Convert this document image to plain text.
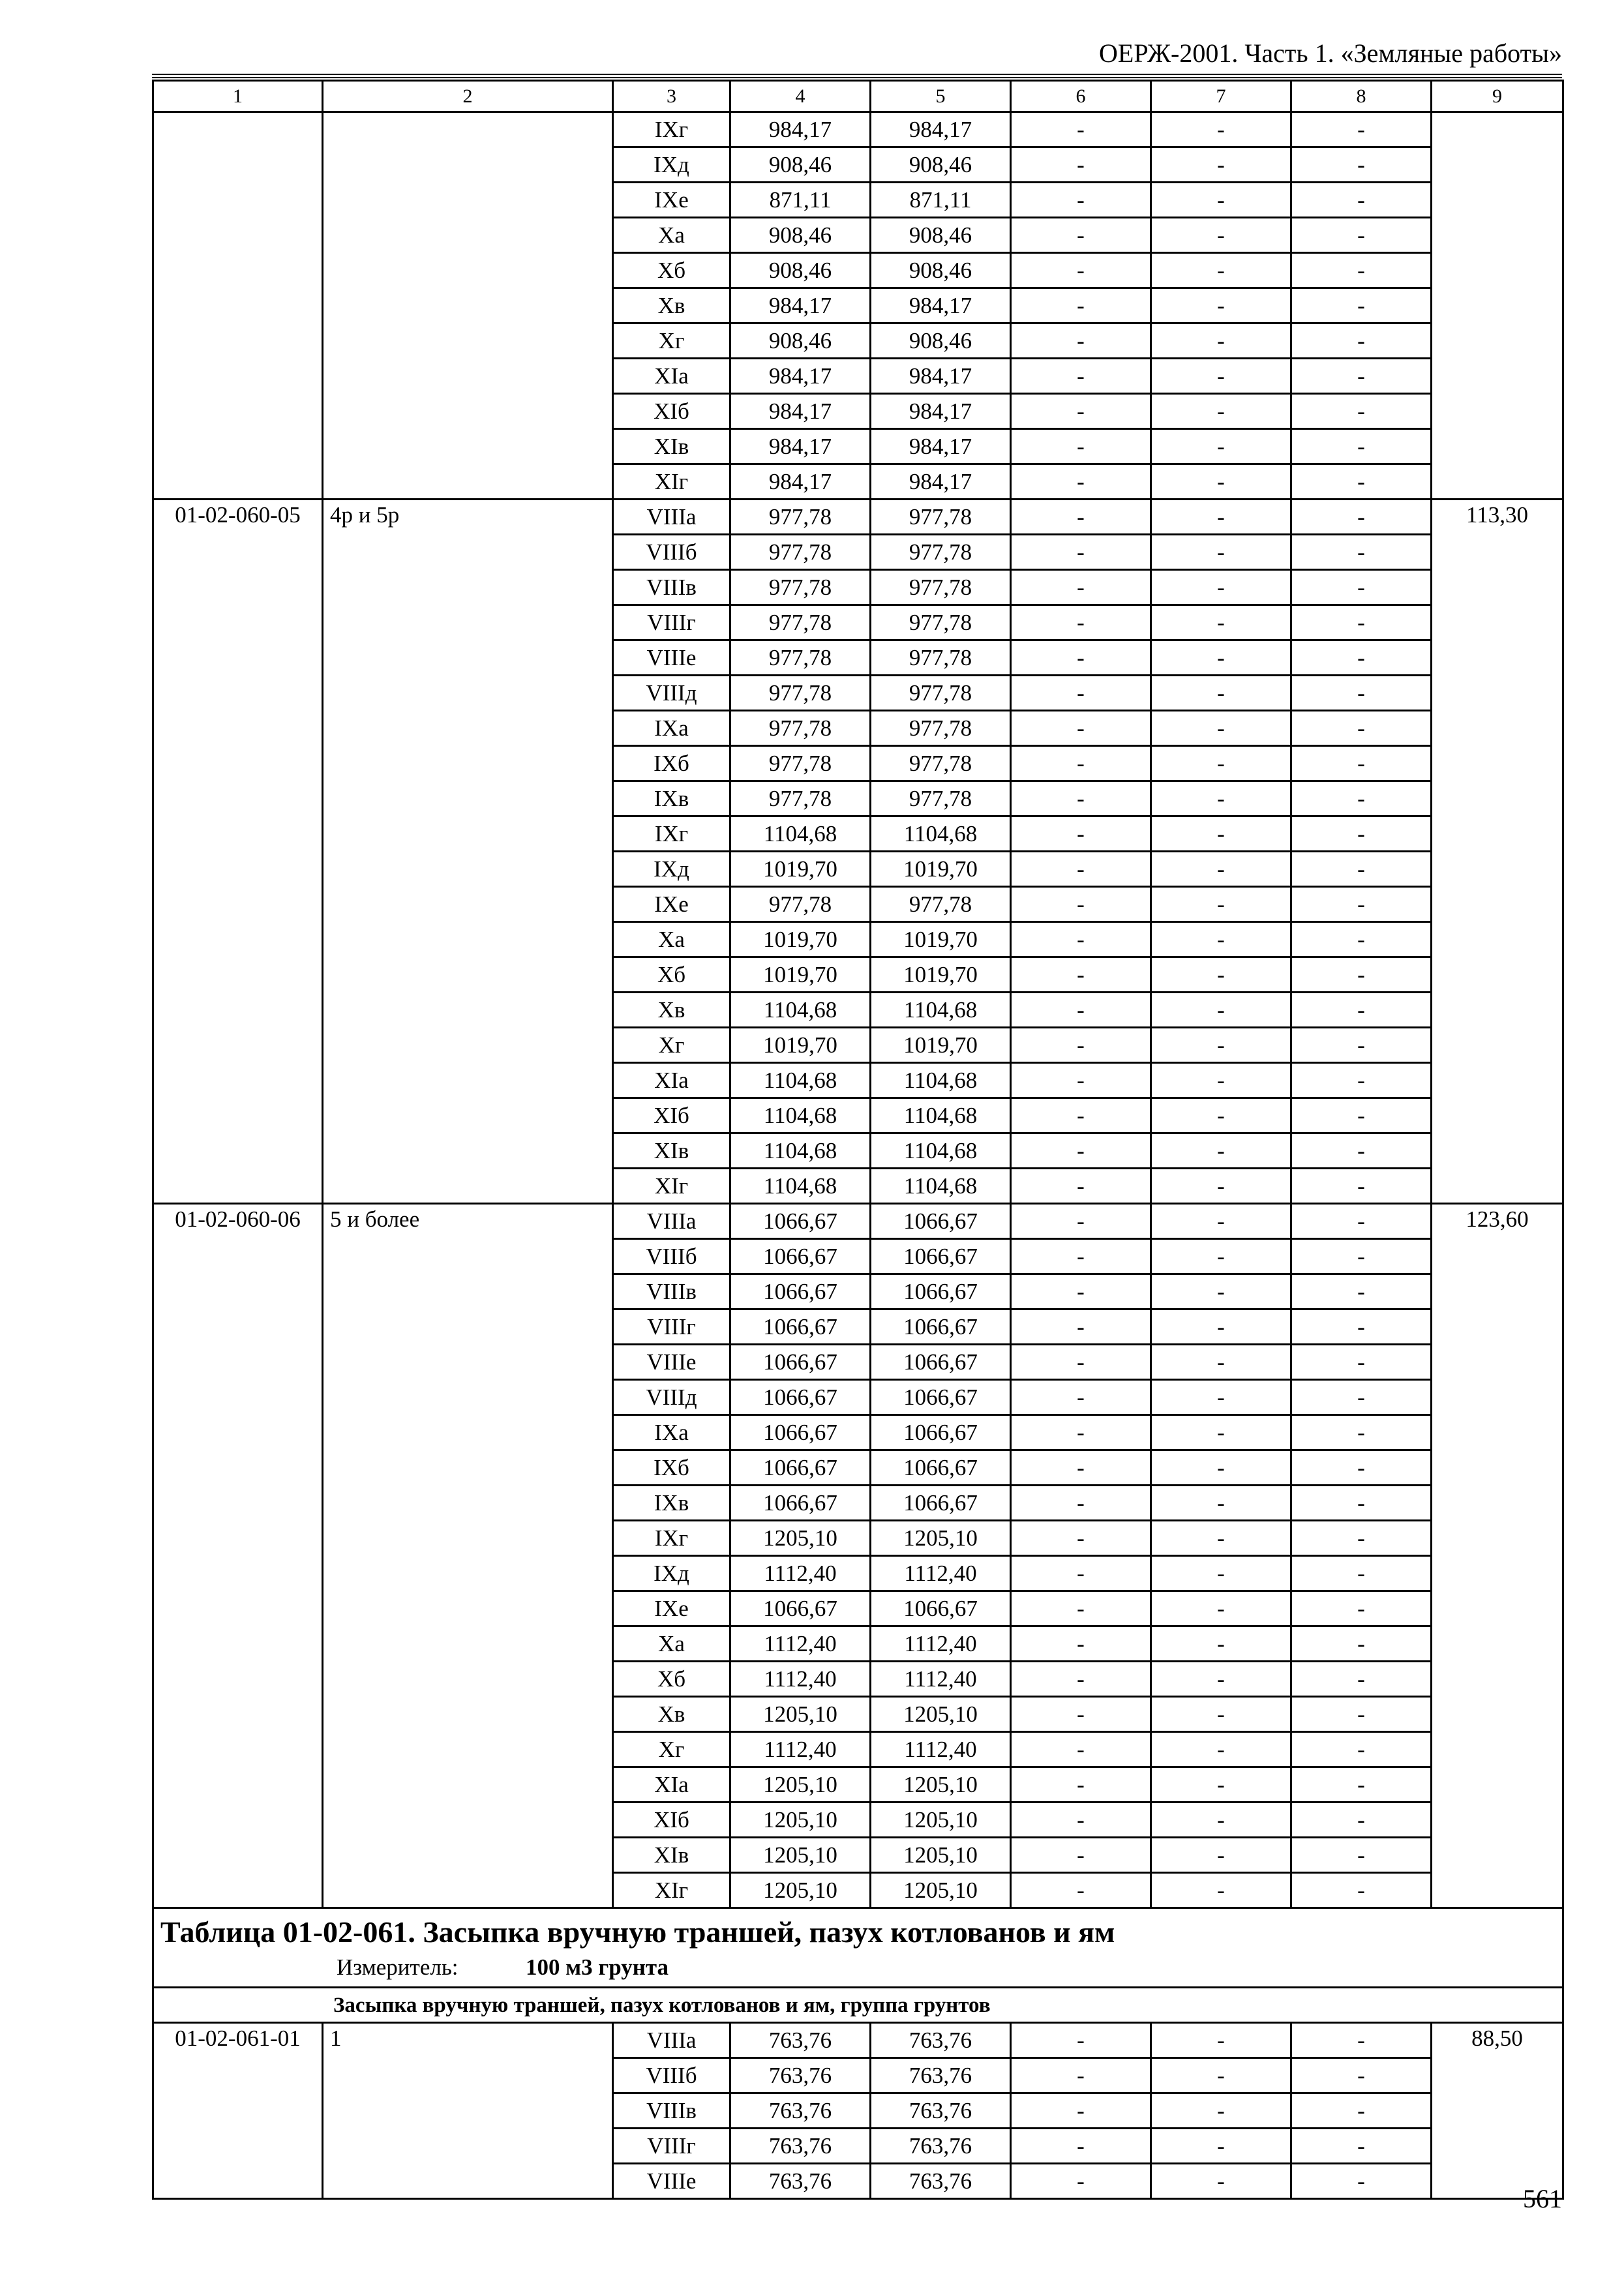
ОЕРЖ-2001. Часть 1. «Земляные работы»
1	2	3	4	5	6	7	8	9
		IXг	984,17	984,17	-	-	-	
		IXд	908,46	908,46	-	-	-	
		IXе	871,11	871,11	-	-	-	
		Xа	908,46	908,46	-	-	-	
		Xб	908,46	908,46	-	-	-	
		Xв	984,17	984,17	-	-	-	
		Xг	908,46	908,46	-	-	-	
		XIа	984,17	984,17	-	-	-	
		XIб	984,17	984,17	-	-	-	
		XIв	984,17	984,17	-	-	-	
		XIг	984,17	984,17	-	-	-	
01-02-060-05	4р и 5р	VIIIа	977,78	977,78	-	-	-	113,30
		VIIIб	977,78	977,78	-	-	-	
		VIIIв	977,78	977,78	-	-	-	
		VIIIг	977,78	977,78	-	-	-	
		VIIIе	977,78	977,78	-	-	-	
		VIIIд	977,78	977,78	-	-	-	
		IXа	977,78	977,78	-	-	-	
		IXб	977,78	977,78	-	-	-	
		IXв	977,78	977,78	-	-	-	
		IXг	1104,68	1104,68	-	-	-	
		IXд	1019,70	1019,70	-	-	-	
		IXе	977,78	977,78	-	-	-	
		Xа	1019,70	1019,70	-	-	-	
		Xб	1019,70	1019,70	-	-	-	
		Xв	1104,68	1104,68	-	-	-	
		Xг	1019,70	1019,70	-	-	-	
		XIа	1104,68	1104,68	-	-	-	
		XIб	1104,68	1104,68	-	-	-	
		XIв	1104,68	1104,68	-	-	-	
		XIг	1104,68	1104,68	-	-	-	
01-02-060-06	5 и более	VIIIа	1066,67	1066,67	-	-	-	123,60
		VIIIб	1066,67	1066,67	-	-	-	
		VIIIв	1066,67	1066,67	-	-	-	
		VIIIг	1066,67	1066,67	-	-	-	
		VIIIе	1066,67	1066,67	-	-	-	
		VIIIд	1066,67	1066,67	-	-	-	
		IXа	1066,67	1066,67	-	-	-	
		IXб	1066,67	1066,67	-	-	-	
		IXв	1066,67	1066,67	-	-	-	
		IXг	1205,10	1205,10	-	-	-	
		IXд	1112,40	1112,40	-	-	-	
		IXе	1066,67	1066,67	-	-	-	
		Xа	1112,40	1112,40	-	-	-	
		Xб	1112,40	1112,40	-	-	-	
		Xв	1205,10	1205,10	-	-	-	
		Xг	1112,40	1112,40	-	-	-	
		XIа	1205,10	1205,10	-	-	-	
		XIб	1205,10	1205,10	-	-	-	
		XIв	1205,10	1205,10	-	-	-	
		XIг	1205,10	1205,10	-	-	-	

Таблица 01-02-061. Засыпка вручную траншей, пазух котлованов и ям
Измеритель: 100 м3 грунта								

Засыпка вручную траншей, пазух котлованов и ям, группа грунтов								
01-02-061-01	1	VIIIа	763,76	763,76	-	-	-	88,50
		VIIIб	763,76	763,76	-	-	-	
		VIIIв	763,76	763,76	-	-	-	
		VIIIг	763,76	763,76	-	-	-	
		VIIIе	763,76	763,76	-	-	-	
561
